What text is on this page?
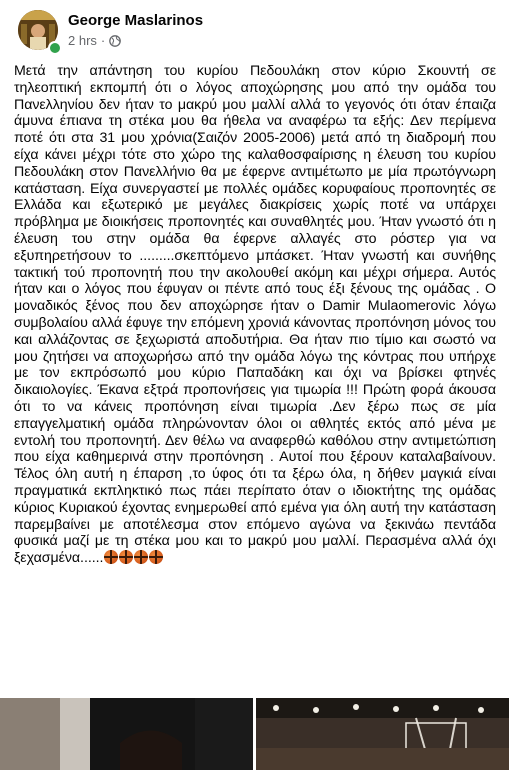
George Maslarinos
2 hrs ·

Μετά την απάντηση του κυρίου Πεδουλάκη στον κύριο Σκουντή σε τηλεοπτική εκπομπή ότι ο λόγος αποχώρησης μου από την ομάδα του Πανελληνίου δεν ήταν το μακρύ μου μαλλί αλλά το γεγονός ότι όταν έπαιζα άμυνα έπιανα τη στέκα μου θα ήθελα να αναφέρω τα εξής: Δεν περίμενα ποτέ ότι στα 31 μου χρόνια(Σαιζόν 2005-2006) μετά από τη διαδρομή που είχα κάνει μέχρι τότε στο χώρο της καλαθοσφαίρισης η έλευση του κυρίου Πεδουλάκη στον Πανελλήνιο θα με έφερνε αντιμέτωπο με μία πρωτόγνωρη κατάσταση. Είχα συνεργαστεί με πολλές ομάδες κορυφαίους προπονητές σε Ελλάδα και εξωτερικό με μεγάλες διακρίσεις χωρίς ποτέ να υπάρχει πρόβλημα με διοικήσεις προπονητές και συναθλητές μου. Ήταν γνωστό ότι η έλευση του στην ομάδα θα έφερνε αλλαγές στο ρόστερ για να εξυπηρετήσουν το .........σκεπτόμενο μπάσκετ. Ήταν γνωστή και συνήθης τακτική τού προπονητή που την ακολουθεί ακόμη και μέχρι σήμερα. Αυτός ήταν και ο λόγος που έφυγαν οι πέντε από τους έξι ξένους της ομάδας . Ο μοναδικός ξένος που δεν αποχώρησε ήταν ο Damir Mulaomerovic λόγω συμβολαίου αλλά έφυγε την επόμενη χρονιά κάνοντας προπόνηση μόνος του και αλλάζοντας σε ξεχωριστά αποδυτήρια. Θα ήταν πιο τίμιο και σωστό να μου ζητήσει να αποχωρήσω από την ομάδα λόγω της κόντρας που υπήρχε με τον εκπρόσωπό μου κύριο Παπαδάκη και όχι να βρίσκει φτηνές δικαιολογίες. Έκανα εξτρά προπονήσεις για τιμωρία !!! Πρώτη φορά άκουσα ότι το να κάνεις προπόνηση είναι τιμωρία .Δεν ξέρω πως σε μία επαγγελματική ομάδα πληρώνονταν όλοι οι αθλητές εκτός από μένα με εντολή του προπονητή. Δεν θέλω να αναφερθώ καθόλου στην αντιμετώπιση που είχα καθημερινά στην προπόνηση . Αυτοί που ξέρουν καταλαβαίνουν. Τέλος όλη αυτή η έπαρση ,το ύφος ότι τα ξέρω όλα, η δήθεν μαγκιά είναι πραγματικά εκπληκτικό πως πάει περίπατο όταν ο ιδιοκτήτης της ομάδας κύριος Κυριακού έχοντας ενημερωθεί από εμένα για όλη αυτή την κατάσταση παρεμβαίνει με αποτέλεσμα στον επόμενο αγώνα να ξεκινάω πεντάδα φυσικά μαζί με τη στέκα μου και το μακρύ μου μαλλί. Περασμένα αλλά όχι ξεχασμένα......
